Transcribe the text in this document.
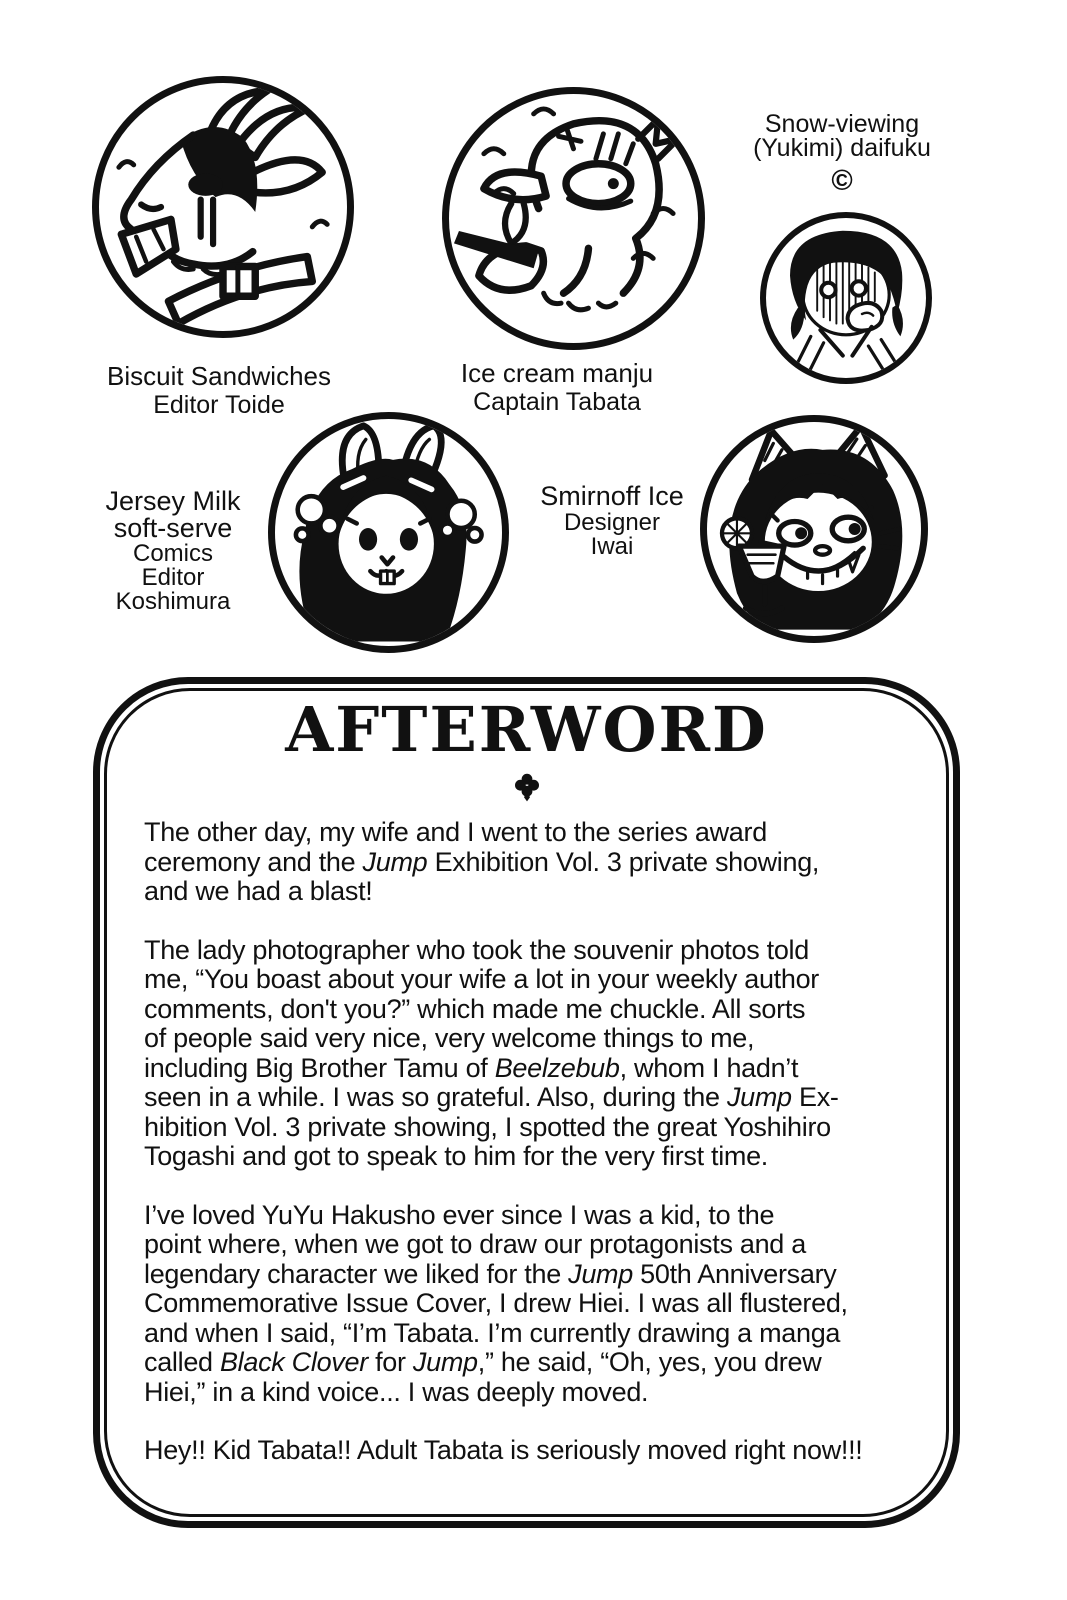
Snow-viewing
(Yukimi) daifuku
©
Biscuit Sandwiches
Editor Toide
Ice cream manju
Captain Tabata
Jersey Milk
soft-serve
Comics
Editor
Koshimura
Smirnoff Ice
Designer
Iwai
AFTERWORD
The other day, my wife and I went to the series award
ceremony and the Jump Exhibition Vol. 3 private showing,
and we had a blast!
The lady photographer who took the souvenir photos told
me, “You boast about your wife a lot in your weekly author
comments, don't you?” which made me chuckle. All sorts
of people said very nice, very welcome things to me,
including Big Brother Tamu of Beelzebub, whom I hadn’t
seen in a while. I was so grateful. Also, during the Jump Ex-
hibition Vol. 3 private showing, I spotted the great Yoshihiro
Togashi and got to speak to him for the very first time.
I’ve loved YuYu Hakusho ever since I was a kid, to the
point where, when we got to draw our protagonists and a
legendary character we liked for the Jump 50th Anniversary
Commemorative Issue Cover, I drew Hiei. I was all flustered,
and when I said, “I’m Tabata. I’m currently drawing a manga
called Black Clover for Jump,” he said, “Oh, yes, you drew
Hiei,” in a kind voice... I was deeply moved.
Hey!! Kid Tabata!! Adult Tabata is seriously moved right now!!!
